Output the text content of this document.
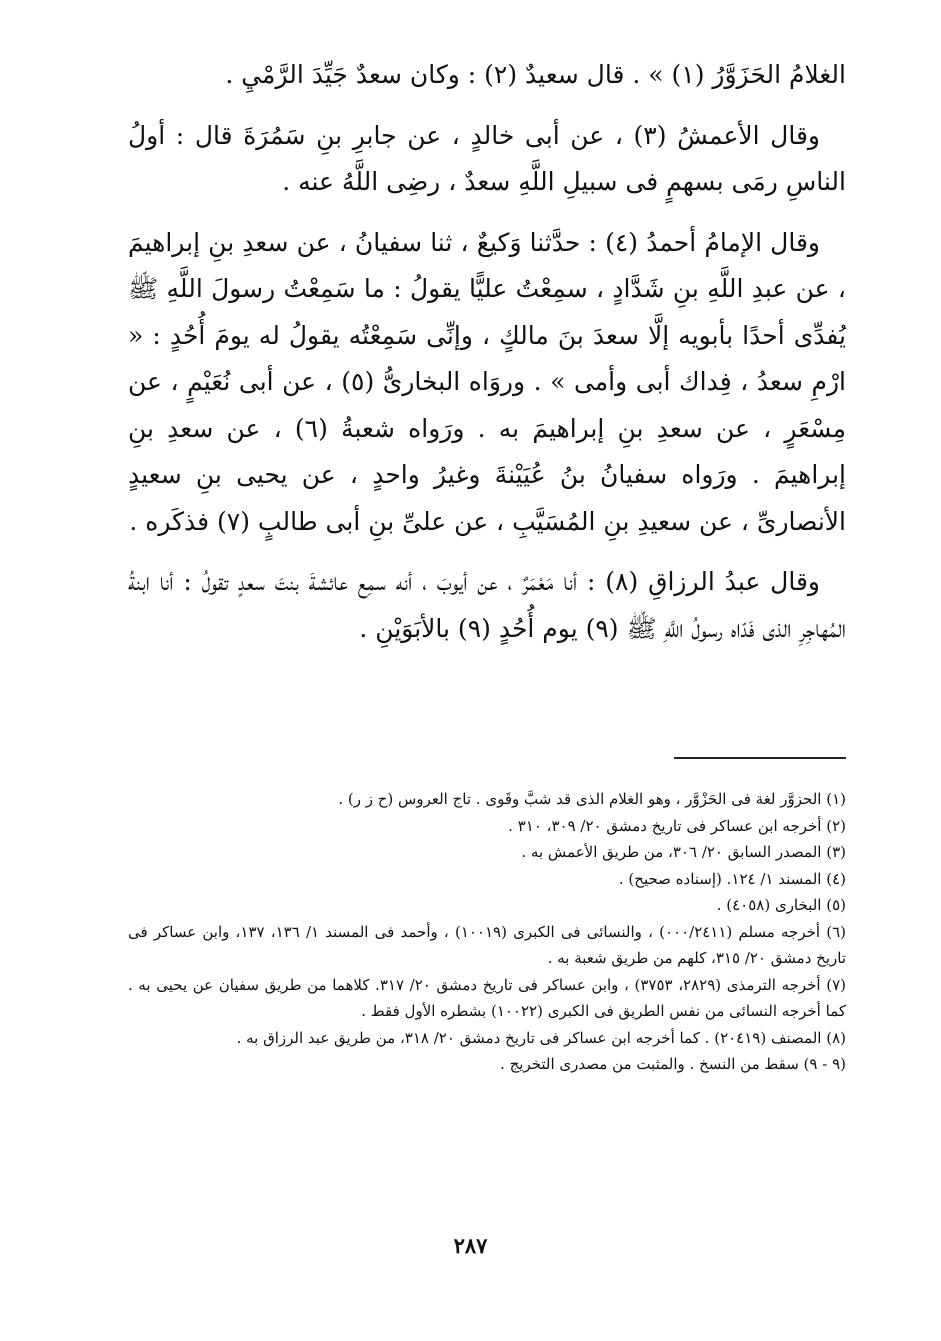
الغلامُ الحَزَوَّرُ (١) » . قال سعيدٌ (٢) : وكان سعدٌ جَيِّدَ الرَّمْيِ .

وقال الأعمشُ (٣) ، عن أبى خالدٍ ، عن جابرِ بنِ سَمُرَةَ قال : أولُ الناسِ رمَى بسهمٍ فى سبيلِ اللَّهِ سعدٌ ، رضِى اللَّهُ عنه .

وقال الإمامُ أحمدُ (٤) : حدَّثنا وَكيعٌ ، ثنا سفيانُ ، عن سعدِ بنِ إبراهيمَ ، عن عبدِ اللَّهِ بنِ شَدَّادٍ ، سمِعْتُ عليًّا يقولُ : ما سَمِعْتُ رسولَ اللَّهِ ﷺ يُفدِّى أحدًا بأبويه إلَّا سعدَ بنَ مالكٍ ، وإنِّى سَمِعْتُه يقولُ له يومَ أُحُدٍ : « ارْمِ سعدُ ، فِداك أبى وأمى » . وروَاه البخارىُّ (٥) ، عن أبى نُعَيْمٍ ، عن مِسْعَرٍ ، عن سعدِ بنِ إبراهيمَ به . ورَواه شعبةُ (٦) ، عن سعدِ بنِ إبراهيمَ . ورَواه سفيانُ بنُ عُيَيْنةَ وغيرُ واحدٍ ، عن يحيى بنِ سعيدٍ الأنصارىِّ ، عن سعيدِ بنِ المُسَيَّبِ ، عن علىِّ بنِ أبى طالبٍ (٧) فذكَره .

وقال عبدُ الرزاقِ (٨) : أنا مَعْمَرٌ ، عن أيوبَ ، أنه سمِع عائشةَ بنتَ سعدٍ تقولُ : أنا ابنةُ المُهاجِرِ الذى فَدّاه رسولُ اللَّهِ ﷺ (٩) يوم أُحُدٍ (٩) بالأبَوَيْنِ .

(١) الحزوَّر لغة فى الحَزْوَّر ، وهو الغلام الذى قد شبَّ وقَوى . تاج العروس (ح ز ر) .

(٢) أخرجه ابن عساكر فى تاريخ دمشق ٢٠/ ٣٠٩، ٣١٠ .

(٣) المصدر السابق ٢٠/ ٣٠٦، من طريق الأعمش به .

(٤) المسند ١/ ١٢٤. (إسناده صحيح) .

(٥) البخارى (٤٠٥٨) .

(٦) أخرجه مسلم (٠٠٠/٢٤١١) ، والنسائى فى الكبرى (١٠٠١٩) ، وأحمد فى المسند ١/ ١٣٦، ١٣٧، وابن عساكر فى تاريخ دمشق ٢٠/ ٣١٥، كلهم من طريق شعبة به .

(٧) أخرجه الترمذى (٢٨٢٩، ٣٧٥٣) ، وابن عساكر فى تاريخ دمشق ٢٠/ ٣١٧. كلاهما من طريق سفيان عن يحيى به . كما أخرجه النسائى من نفس الطريق فى الكبرى (١٠٠٢٢) بشطره الأول فقط .

(٨) المصنف (٢٠٤١٩) . كما أخرجه ابن عساكر فى تاريخ دمشق ٢٠/ ٣١٨، من طريق عبد الرزاق به .

(٩ - ٩) سقط من النسخ . والمثبت من مصدرى التخريج .

٢٨٧
